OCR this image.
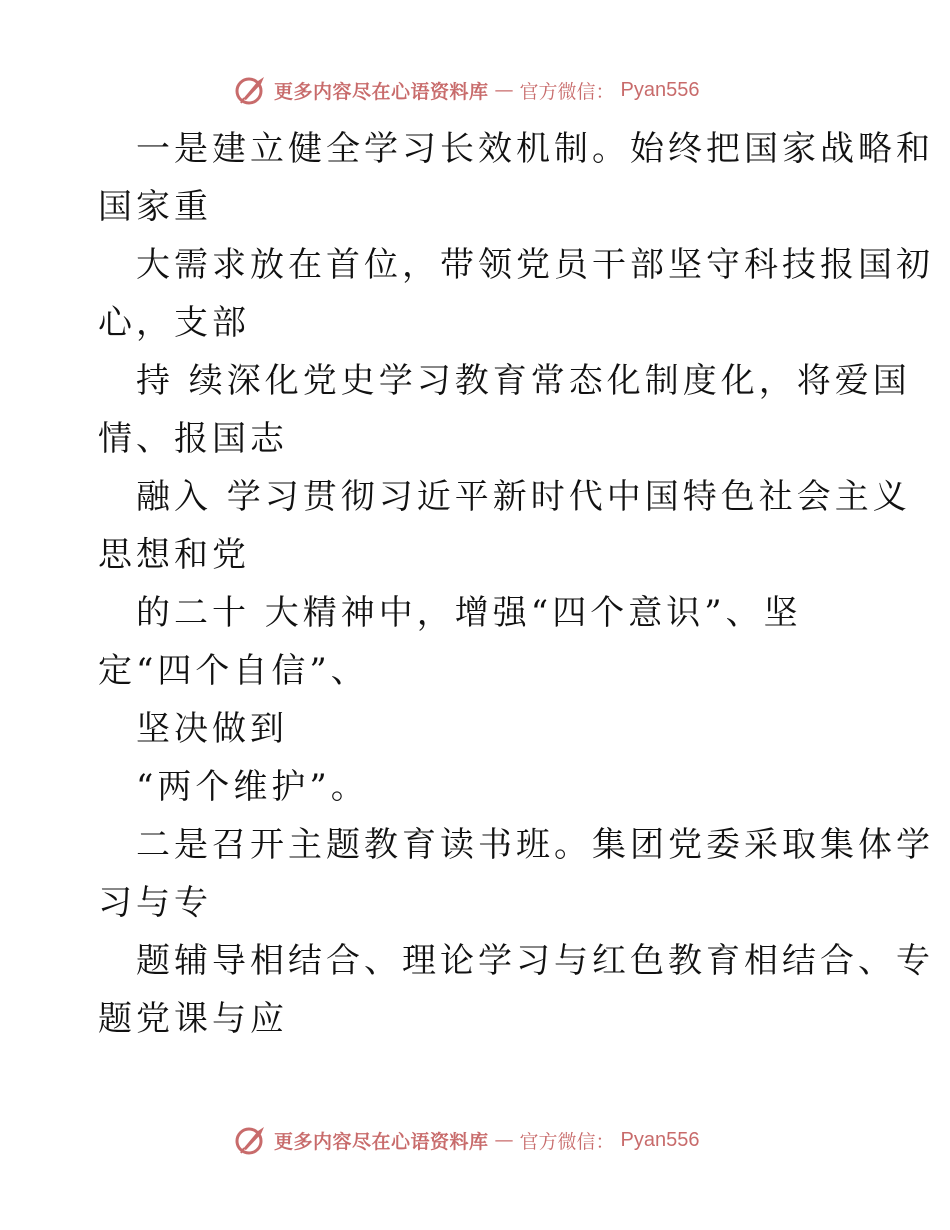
更多内容尽在心语资料库 — 官方微信： Pyan556
一是建立健全学习长效机制。始终把国家战略和
国家重
大需求放在首位，带领党员干部坚守科技报国初
心，支部
持 续深化党史学习教育常态化制度化，将爱国
情、报国志
融入 学习贯彻习近平新时代中国特色社会主义
思想和党
的二十 大精神中，增强“四个意识”、坚
定“四个自信”、
坚决做到
“两个维护”。
二是召开主题教育读书班。集团党委采取集体学
习与专
题辅导相结合、理论学习与红色教育相结合、专
题党课与应
更多内容尽在心语资料库 — 官方微信： Pyan556
